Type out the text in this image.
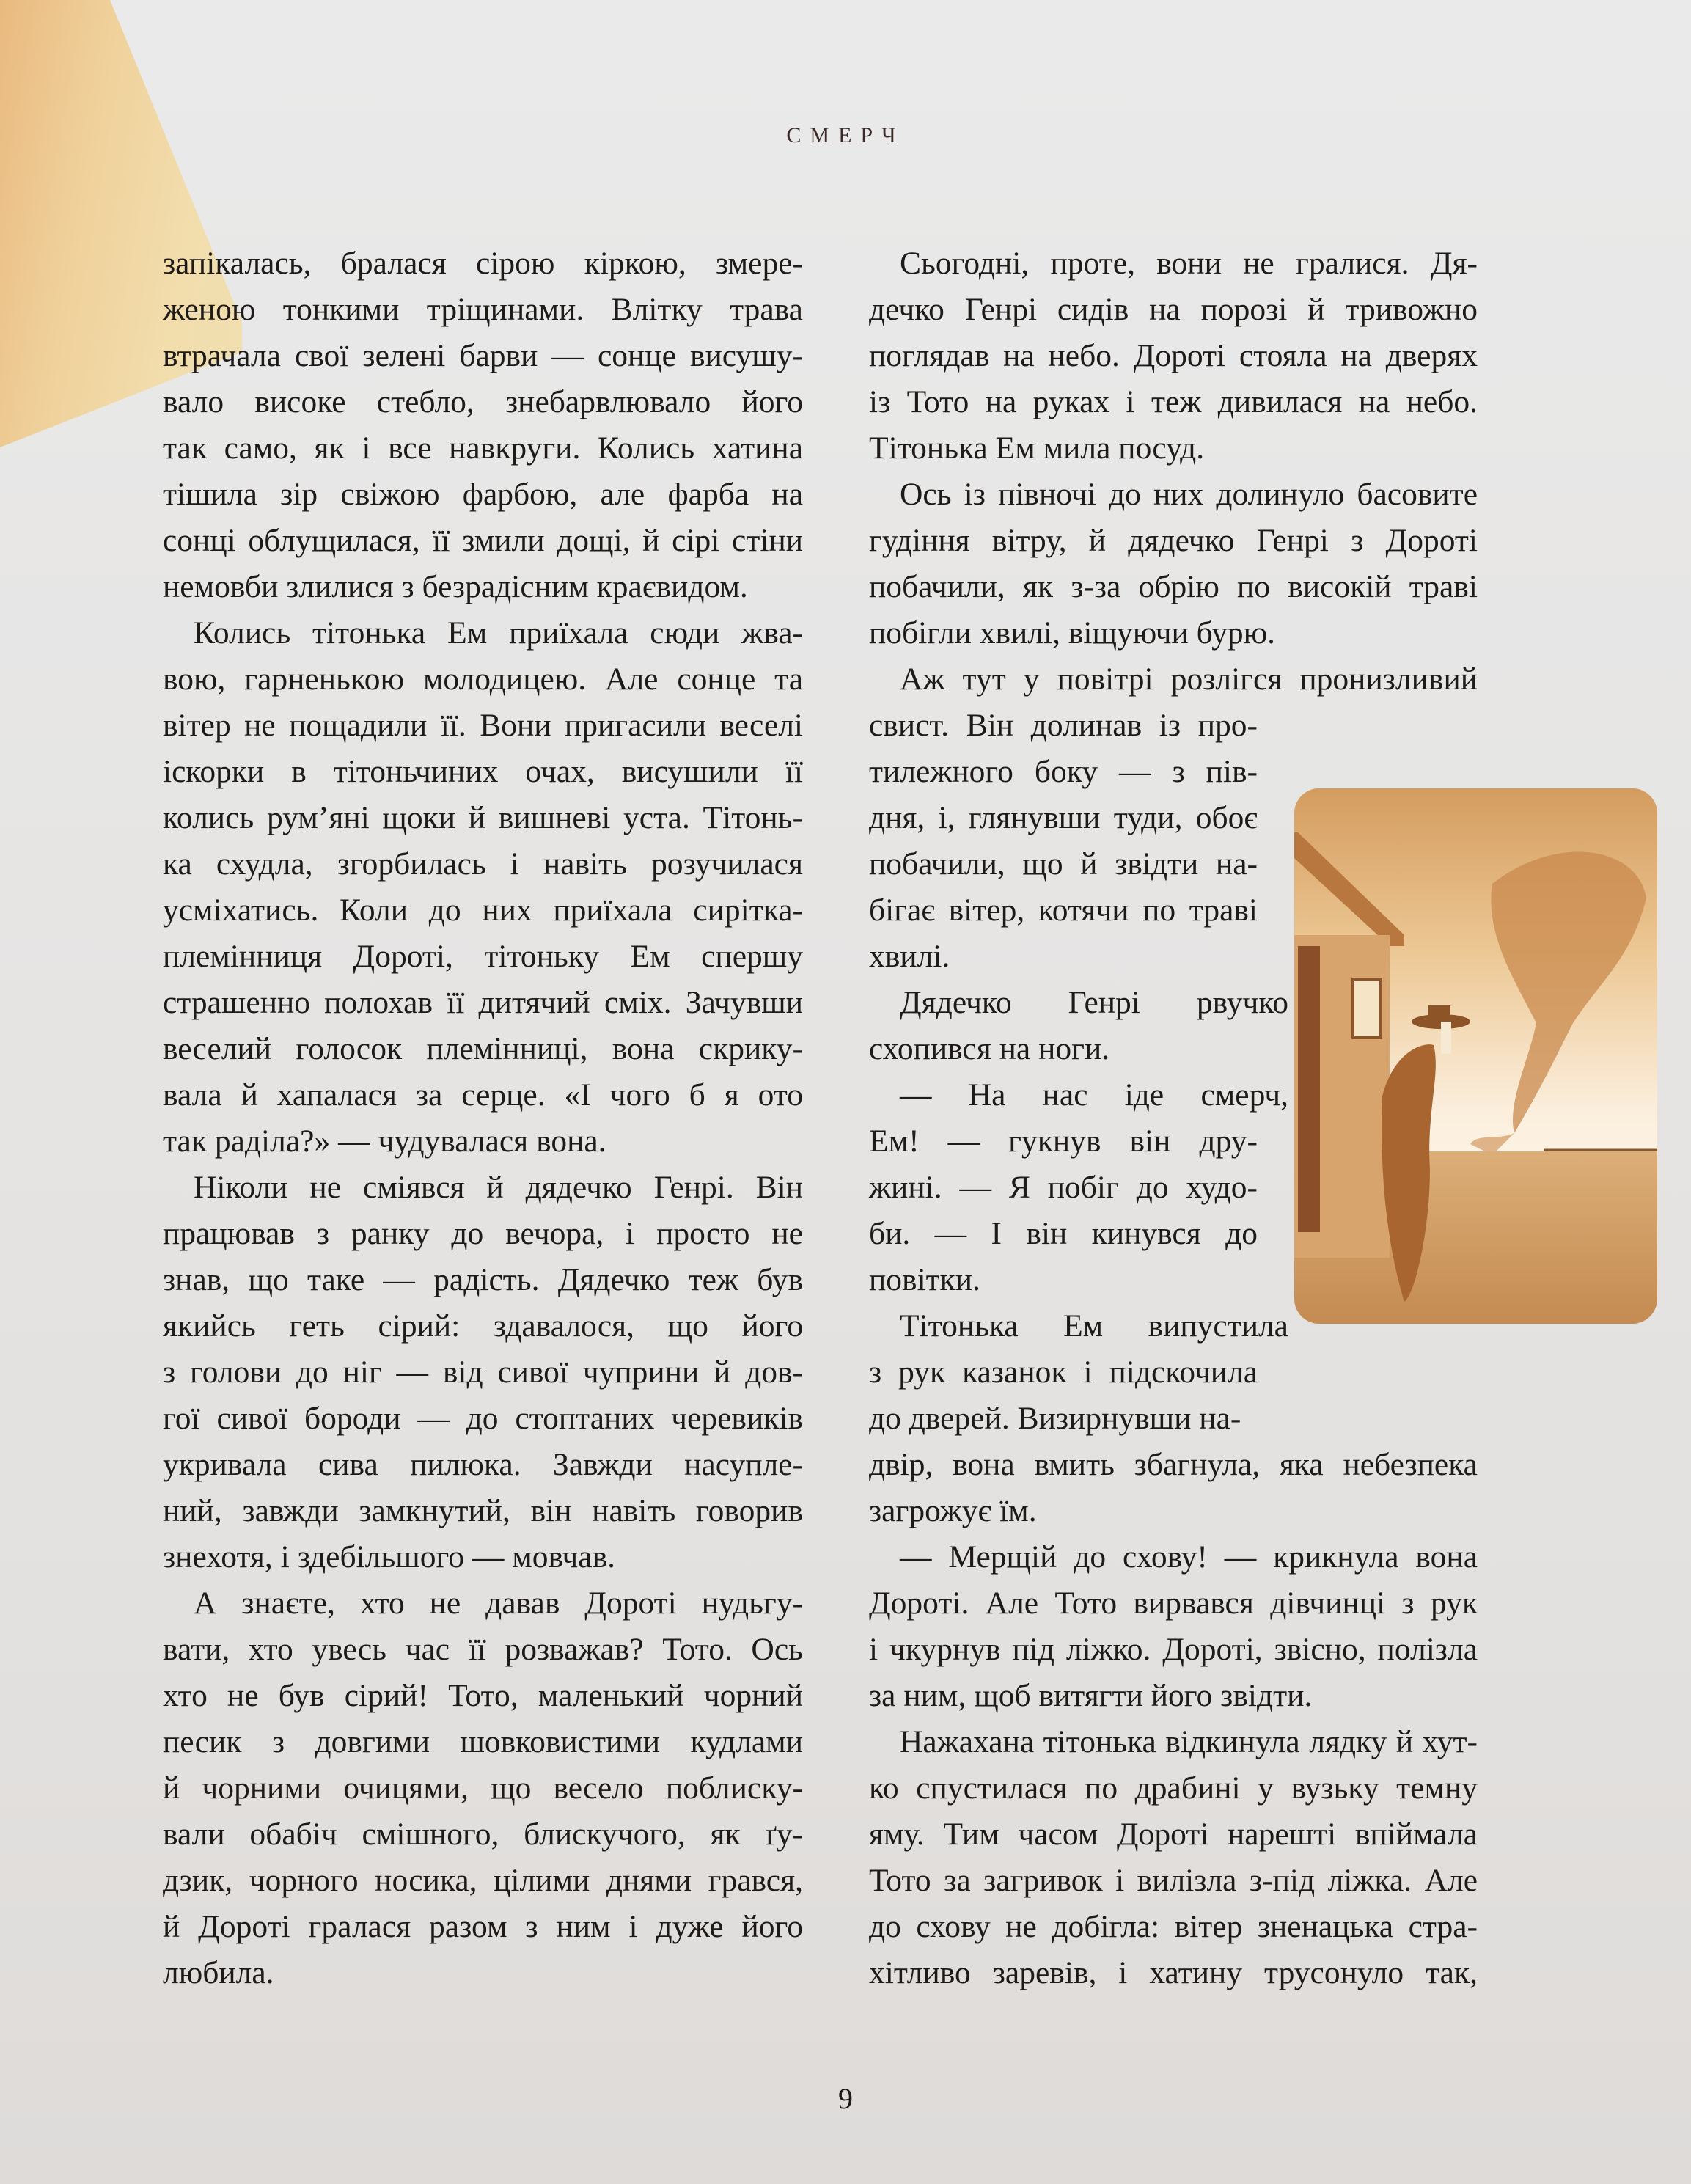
СМЕРЧ
запікалась, бралася сірою кіркою, змере-
женою тонкими тріщинами. Влітку трава
втрачала свої зелені барви — сонце висушу-
вало високе стебло, знебарвлювало його
так само, як і все навкруги. Колись хатина
тішила зір свіжою фарбою, але фарба на
сонці облущилася, її змили дощі, й сірі стіни
немовби злилися з безрадісним краєвидом.
Колись тітонька Ем приїхала сюди жва-
вою, гарненькою молодицею. Але сонце та
вітер не пощадили її. Вони пригасили веселі
іскорки в тітоньчиних очах, висушили її
колись рум’яні щоки й вишневі уста. Тітонь-
ка схудла, згорбилась і навіть розучилася
усміхатись. Коли до них приїхала сирітка-
племінниця Дороті, тітоньку Ем спершу
страшенно полохав її дитячий сміх. Зачувши
веселий голосок племінниці, вона скрику-
вала й хапалася за серце. «І чого б я ото
так раділа?» — чудувалася вона.
Ніколи не сміявся й дядечко Генрі. Він
працював з ранку до вечора, і просто не
знав, що таке — радість. Дядечко теж був
якийсь геть сірий: здавалося, що його
з голови до ніг — від сивої чуприни й дов-
гої сивої бороди — до стоптаних черевиків
укривала сива пилюка. Завжди насупле-
ний, завжди замкнутий, він навіть говорив
знехотя, і здебільшого — мовчав.
А знаєте, хто не давав Дороті нудьгу-
вати, хто увесь час її розважав? Тото. Ось
хто не був сірий! Тото, маленький чорний
песик з довгими шовковистими кудлами
й чорними очицями, що весело поблиску-
вали обабіч смішного, блискучого, як ґу-
дзик, чорного носика, цілими днями грався,
й Дороті гралася разом з ним і дуже його
любила.
Сьогодні, проте, вони не гралися. Дя-
дечко Генрі сидів на порозі й тривожно
поглядав на небо. Дороті стояла на дверях
із Тото на руках і теж дивилася на небо.
Тітонька Ем мила посуд.
Ось із півночі до них долинуло басовите
гудіння вітру, й дядечко Генрі з Дороті
побачили, як з-за обрію по високій траві
побігли хвилі, віщуючи бурю.
Аж тут у повітрі розлігся пронизливий
свист. Він долинав із про-
тилежного боку — з пів-
дня, і, глянувши туди, обоє
побачили, що й звідти на-
бігає вітер, котячи по траві
хвилі.
Дядечко Генрі рвучко
схопився на ноги.
— На нас іде смерч,
Ем! — гукнув він дру-
жині. — Я побіг до худо-
би. — І він кинувся до
повітки.
Тітонька Ем випустила
з рук казанок і підскочила
до дверей. Визирнувши на-
двір, вона вмить збагнула, яка небезпека
загрожує їм.
— Мерщій до схову! — крикнула вона
Дороті. Але Тото вирвався дівчинці з рук
і чкурнув під ліжко. Дороті, звісно, полізла
за ним, щоб витягти його звідти.
Нажахана тітонька відкинула лядку й хут-
ко спустилася по драбині у вузьку темну
яму. Тим часом Дороті нарешті впіймала
Тото за загривок і вилізла з-під ліжка. Але
до схову не добігла: вітер зненацька стра-
хітливо заревів, і хатину трусонуло так,
9
